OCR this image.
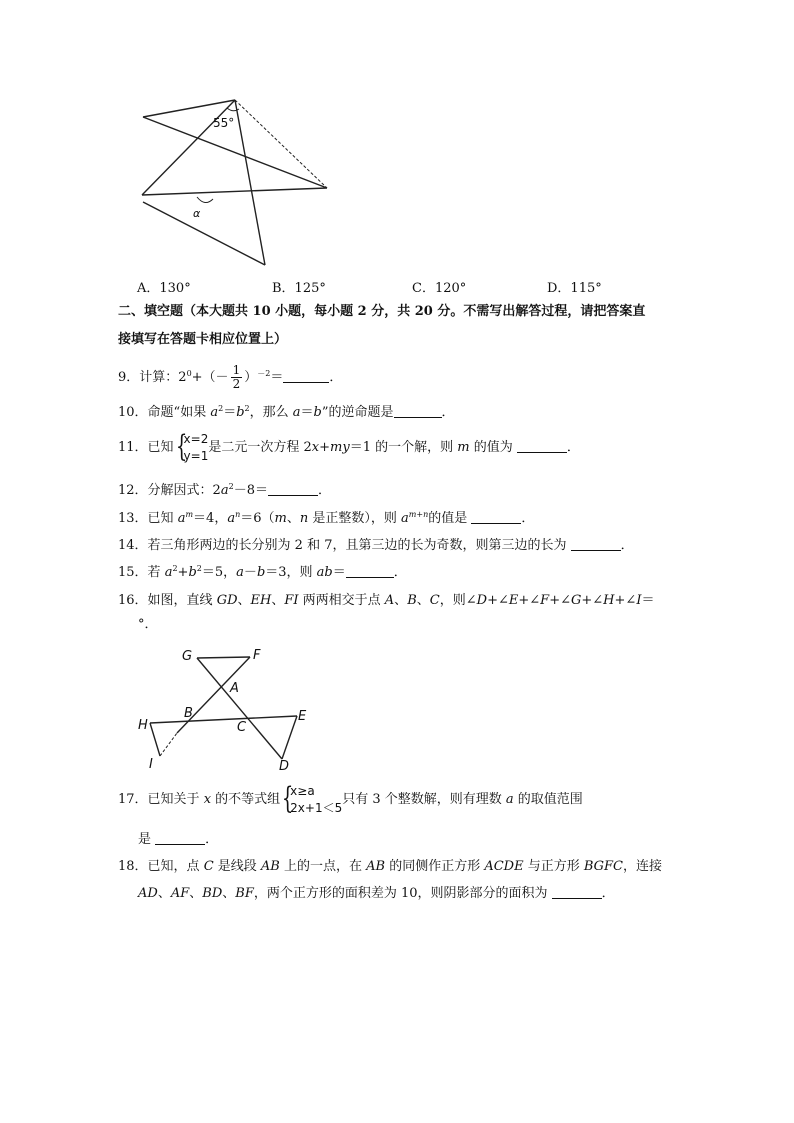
55°
α
A．130°	B．125°	C．120°	D．115°
二、填空题（本大题共 10 小题，每小题 2 分，共 20 分。不需写出解答过程，请把答案直
接填写在答题卡相应位置上）
9．计算：$2^0+(- \frac{1}{2} )^{-2}=$	．
10．命题“如果 $a^2=b^2$，那么 a＝b”的逆命题是	．
11．已知 {
x=2
y=1
是二元一次方程 2x+my＝1 的一个解，则 m 的值为	．
12．分解因式：$2a^2-8=$	．
13．已知 $a^m=4$，$a^n=6(m$、n 是正整数），则 $a^{m+n}$的值是	．
14．若三角形两边的长分别为 2 和 7，且第三边的长为奇数，则第三边的长为	．
15．若 $a^2+b^2=5$，a－b＝3，则 ab＝	．
16．如图，直线 GD、EH、FI 两两相交于点 A、B、C，则∠D+∠E+∠F+∠G+∠H+∠I＝
°．
G	F
A
B
C
H
E
I	D
17．已知关于 x 的不等式组 {
x≥a
2x+1＜5
只有 3 个整数解，则有理数 a 的取值范围
是	．
18．已知，点 C 是线段 AB 上的一点，在 AB 的同侧作正方形 ACDE 与正方形 BGFC，连接
AD、AF、BD、BF，两个正方形的面积差为 10，则阴影部分的面积为	．
